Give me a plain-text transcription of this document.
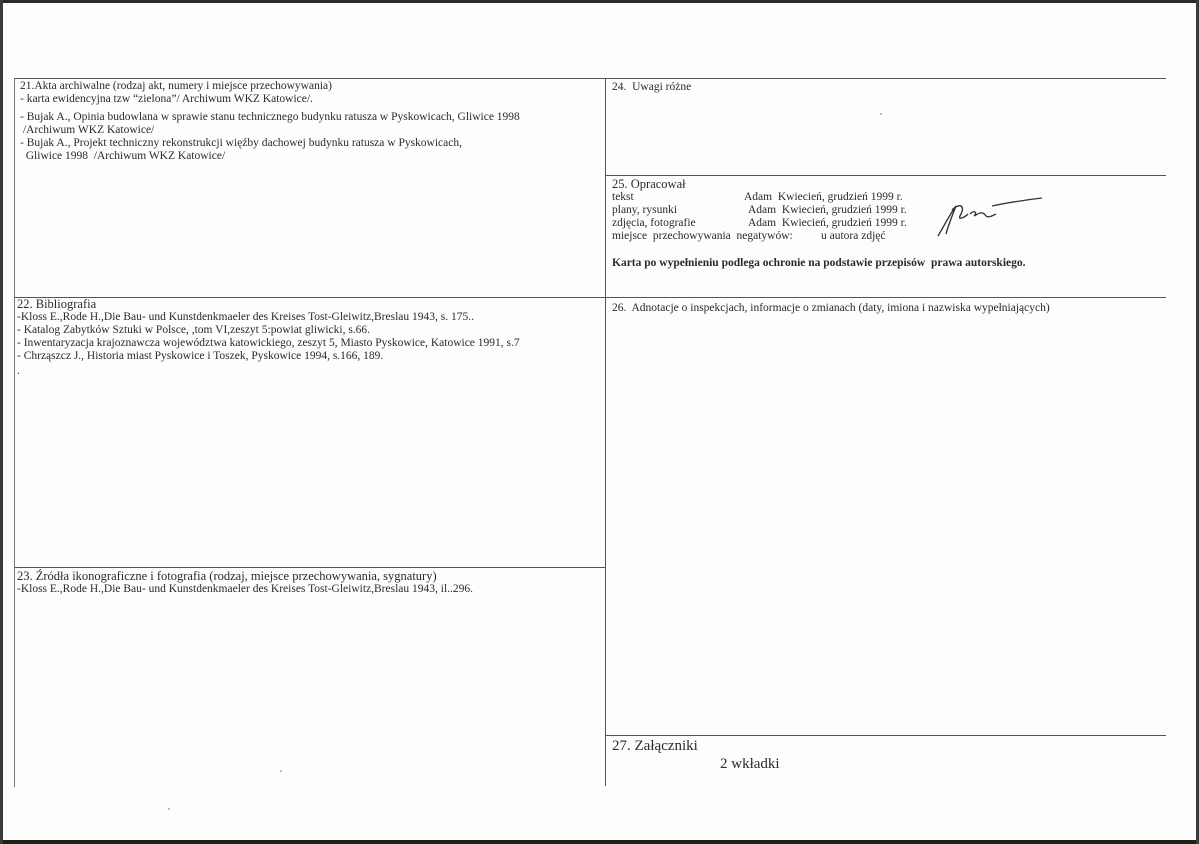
21.Akta archiwalne (rodzaj akt, numery i miejsce przechowywania)
- karta ewidencyjna tzw “zielona”/ Archiwum WKZ Katowice/.
- Bujak A., Opinia budowlana w sprawie stanu technicznego budynku ratusza w Pyskowicach, Gliwice 1998
/Archiwum WKZ Katowice/
- Bujak A., Projekt techniczny rekonstrukcji więźby dachowej budynku ratusza w Pyskowicach,
Gliwice 1998  /Archiwum WKZ Katowice/
22. Bibliografia
-Kloss E.,Rode H.,Die Bau- und Kunstdenkmaeler des Kreises Tost-Gleiwitz,Breslau 1943, s. 175..
- Katalog Zabytków Sztuki w Polsce, ,tom VI,zeszyt 5:powiat gliwicki, s.66.
- Inwentaryzacja krajoznawcza województwa katowickiego, zeszyt 5, Miasto Pyskowice, Katowice 1991, s.7
- Chrząszcz J., Historia miast Pyskowice i Toszek, Pyskowice 1994, s.166, 189.
.
23. Źródła ikonograficzne i fotografia (rodzaj, miejsce przechowywania, sygnatury)
-Kloss E.,Rode H.,Die Bau- und Kunstdenkmaeler des Kreises Tost-Gleiwitz,Breslau 1943, il..296.
24.  Uwagi różne
25. Opracował
tekst	Adam  Kwiecień, grudzień 1999 r.
plany, rysunki	Adam  Kwiecień, grudzień 1999 r.
zdjęcia, fotografie	Adam  Kwiecień, grudzień 1999 r.
miejsce  przechowywania  negatywów: u autora zdjęć
Karta po wypełnieniu podlega ochronie na podstawie przepisów  prawa autorskiego.
26.  Adnotacje o inspekcjach, informacje o zmianach (daty, imiona i nazwiska wypełniających)
27. Załączniki
2 wkładki
